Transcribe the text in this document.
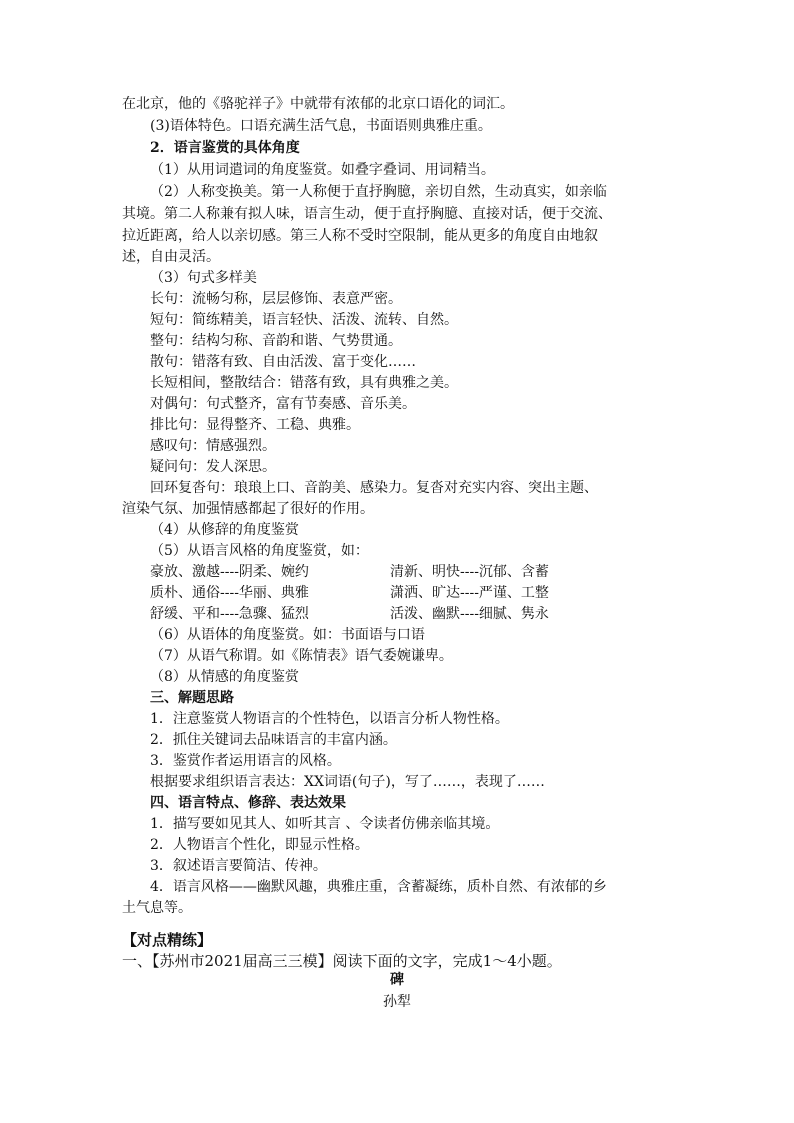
在北京，他的《骆驼祥子》中就带有浓郁的北京口语化的词汇。
(3)语体特色。口语充满生活气息，书面语则典雅庄重。
2．语言鉴赏的具体角度
（1）从用词遣词的角度鉴赏。如叠字叠词、用词精当。
（2）人称变换美。第一人称便于直抒胸臆，亲切自然，生动真实，如亲临
其境。第二人称兼有拟人味，语言生动，便于直抒胸臆、直接对话，便于交流、
拉近距离，给人以亲切感。第三人称不受时空限制，能从更多的角度自由地叙
述，自由灵活。
（3）句式多样美
长句：流畅匀称，层层修饰、表意严密。
短句：简练精美，语言轻快、活泼、流转、自然。
整句：结构匀称、音韵和谐、气势贯通。
散句：错落有致、自由活泼、富于变化……
长短相间，整散结合：错落有致，具有典雅之美。
对偶句：句式整齐，富有节奏感、音乐美。
排比句：显得整齐、工稳、典雅。
感叹句：情感强烈。
疑问句：发人深思。
回环复沓句：琅琅上口、音韵美、感染力。复沓对充实内容、突出主题、
渲染气氛、加强情感都起了很好的作用。
（4）从修辞的角度鉴赏
（5）从语言风格的角度鉴赏，如：
豪放、激越----阴柔、婉约	清新、明快----沉郁、含蓄
质朴、通俗----华丽、典雅	潇洒、旷达----严谨、工整
舒缓、平和----急骤、猛烈	活泼、幽默----细腻、隽永
（6）从语体的角度鉴赏。如：书面语与口语
（7）从语气称谓。如《陈情表》语气委婉谦卑。
（8）从情感的角度鉴赏
三、解题思路
1．注意鉴赏人物语言的个性特色，以语言分析人物性格。
2．抓住关键词去品味语言的丰富内涵。
3．鉴赏作者运用语言的风格。
根据要求组织语言表达：XX词语(句子)，写了……，表现了……
四、语言特点、修辞、表达效果
1．描写要如见其人、如听其言 、令读者仿佛亲临其境。
2．人物语言个性化，即显示性格。
3．叙述语言要简洁、传神。
4．语言风格——幽默风趣，典雅庄重，含蓄凝练，质朴自然、有浓郁的乡
土气息等。
【对点精练】
一、【苏州市2021届高三三模】阅读下面的文字，完成1～4小题。
碑
孙犁
